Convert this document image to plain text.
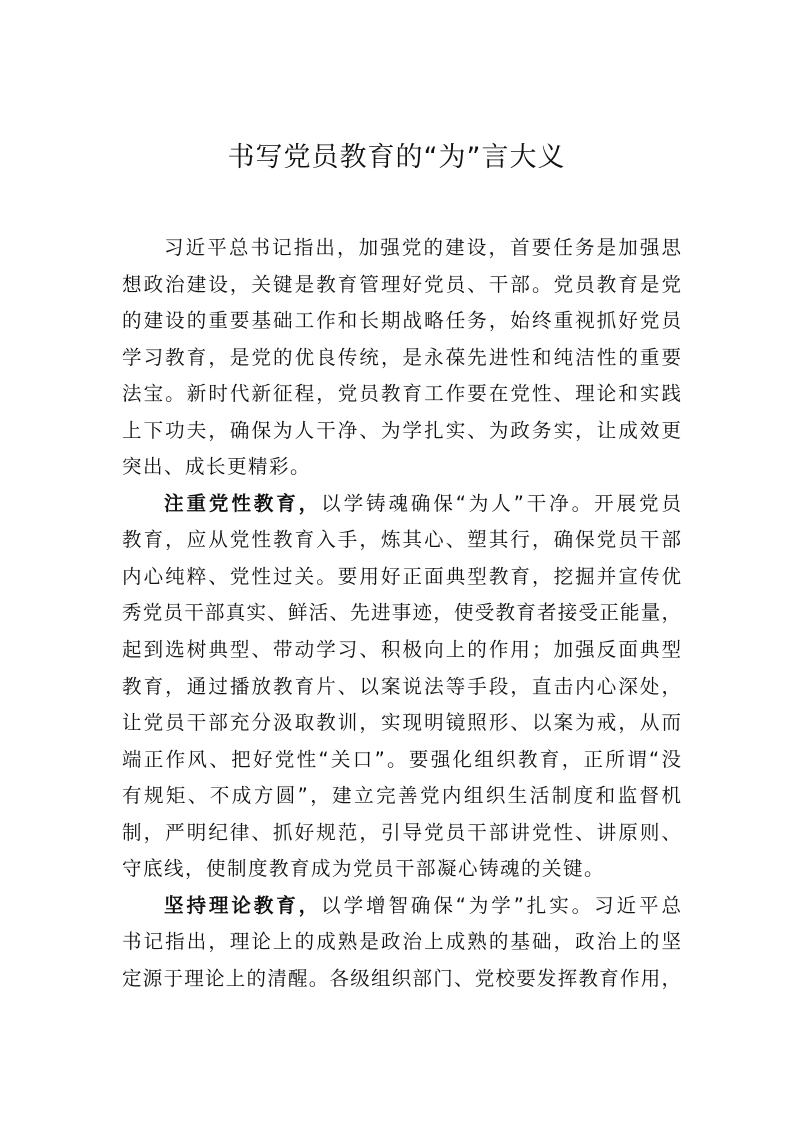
书写党员教育的“为”言大义
习近平总书记指出，加强党的建设，首要任务是加强思
想政治建设，关键是教育管理好党员、干部。党员教育是党
的建设的重要基础工作和长期战略任务，始终重视抓好党员
学习教育，是党的优良传统，是永葆先进性和纯洁性的重要
法宝。新时代新征程，党员教育工作要在党性、理论和实践
上下功夫，确保为人干净、为学扎实、为政务实，让成效更
突出、成长更精彩。
注重党性教育，以学铸魂确保“为人”干净。开展党员
教育，应从党性教育入手，炼其心、塑其行，确保党员干部
内心纯粹、党性过关。要用好正面典型教育，挖掘并宣传优
秀党员干部真实、鲜活、先进事迹，使受教育者接受正能量，
起到选树典型、带动学习、积极向上的作用；加强反面典型
教育，通过播放教育片、以案说法等手段，直击内心深处，
让党员干部充分汲取教训，实现明镜照形、以案为戒，从而
端正作风、把好党性“关口”。要强化组织教育，正所谓“没
有规矩、不成方圆”，建立完善党内组织生活制度和监督机
制，严明纪律、抓好规范，引导党员干部讲党性、讲原则、
守底线，使制度教育成为党员干部凝心铸魂的关键。
坚持理论教育，以学增智确保“为学”扎实。习近平总
书记指出，理论上的成熟是政治上成熟的基础，政治上的坚
定源于理论上的清醒。各级组织部门、党校要发挥教育作用，
